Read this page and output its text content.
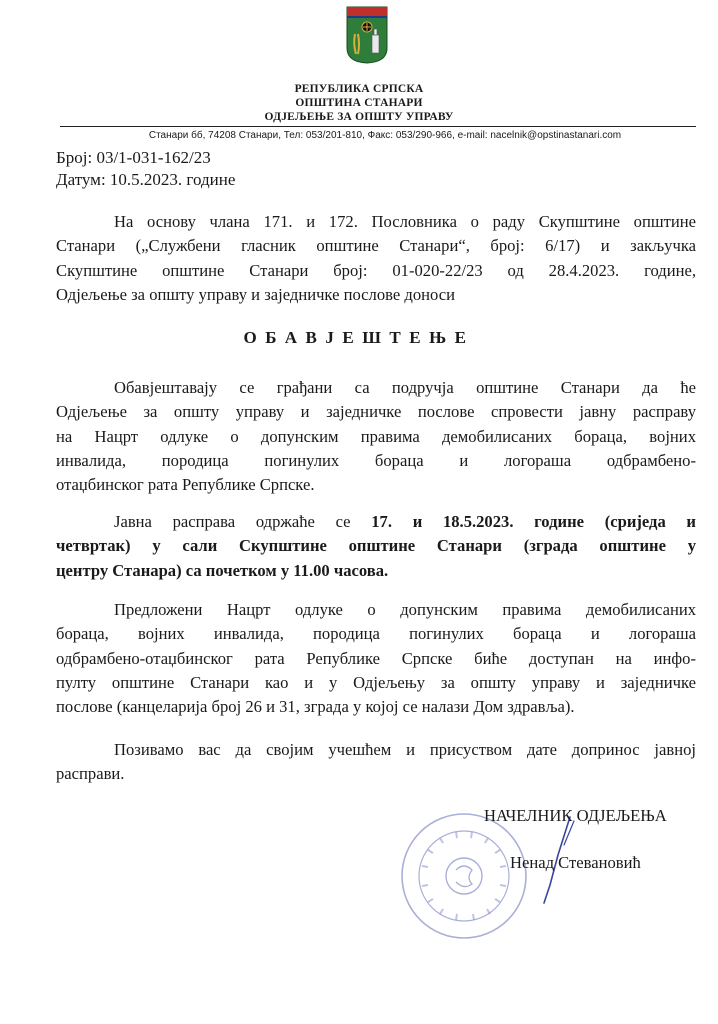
РЕПУБЛИКА СРПСКА
ОПШТИНА СТАНАРИ
ОДЈЕЉЕЊЕ ЗА ОПШТУ УПРАВУ
Станари бб, 74208 Станари, Тел: 053/201-810, Факс: 053/290-966, e-mail: nacelnik@opstinastanari.com
Број: 03/1-031-162/23
Датум: 10.5.2023. године
На основу члана 171. и 172. Пословника о раду Скупштине општине
Станари („Службени гласник општине Станари“, број: 6/17) и закључка
Скупштине општине Станари број: 01-020-22/23 од 28.4.2023. године,
Одјељење за општу управу и заједничке послове доноси
ОБАВЈЕШТЕЊЕ
Обавјештавају се грађани са подручја општине Станари да ће
Одјељење за општу управу и заједничке послове спровести јавну расправу
на Нацрт одлуке о допунским правима демобилисаних бораца, војних
инвалида, породица погинулих бораца и логораша одбрамбено-
отаџбинског рата Републике Српске.
Јавна расправа одржаће се 17. и 18.5.2023. године (сриједа и
четвртак) у сали Скупштине општине Станари (зграда општине у
центру Станара) са почетком у 11.00 часова.
Предложени Нацрт одлуке о допунским правима демобилисаних
бораца, војних инвалида, породица погинулих бораца и логораша
одбрамбено-отаџбинског рата Републике Српске биће доступан на инфо-
пулту општине Станари као и у Одјељењу за општу управу и заједничке
послове (канцеларија број 26 и 31, зграда у којој се налази Дом здравља).
Позивамо вас да својим учешћем и присуством дате допринос јавној
расправи.
НАЧЕЛНИК ОДЈЕЉЕЊА
Ненад Стевановић
